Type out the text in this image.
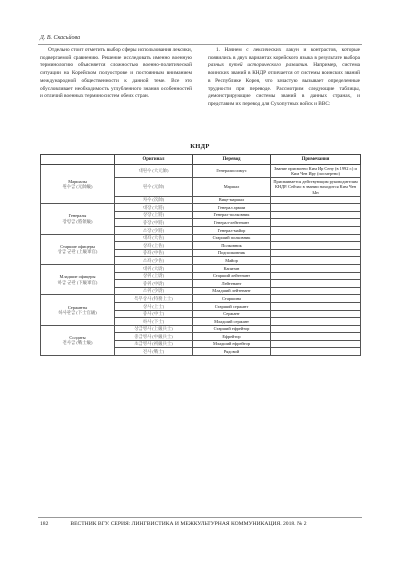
Д. В. Скасьйова

Отдельно стоит отметить выбор сферы использования лексики, подвергаемой сравнению. Решение исследовать именно военную терминологию объясняется сложностью военно-политической ситуации на Корейском полуострове и постоянным вниманием международной общественности к данной теме. Все это обусловливает необходимость углубленного знания особенностей и отличий военных терминосистем обеих стран.

1. Начнем с лексических лакун и контрастов, которые появились в двух вариантах корейского языка в результате выбора разных путей исторического развития. Например, система воинских званий в КНДР отличается от системы воинских званий в Республике Корея, что зачастую вызывает определенные трудности при переводе. Рассмотрим следующие таблицы, демонстрирующие системы званий в данных странах, и представим их перевод для Сухопутных войск и ВВС:

КНДР
	Оригинал	Перевод	Примечания

Маршалы
원수급 (元帥級)	대원수 (大元帥)	Генералиссимус	Звание присвоено Ким Ир Сену (в 1992 г.) и Ким Чен Иру (посмертно)
	원수 (元帥)	Маршал	Присваивается действующим руководителям КНДР. Сейчас в звании находится Ким Чен Ын
	차수 (次帥)	Вице-маршал	

Генералы
장령급 (將領級)	대장 (大將)	Генерал армии	
	상장 (上將)	Генерал-полковник	
	중장 (中將)	Генерал-лейтенант	
	소장 (少將)	Генерал-майор	

Старшие офицеры
상급 군관 (上級軍官)	대좌 (大佐)	Старший полковник	
	상좌 (上佐)	Полковник	
	중좌 (中佐)	Подполковник	
	소좌 (少佐)	Майор	

Младшие офицеры
하급 군관 (下級軍官)	대위 (大尉)	Капитан	
	상위 (上尉)	Старший лейтенант	
	중위 (中尉)	Лейтенант	
	소위 (少尉)	Младший лейтенант	

Сержанты
하사관급 (下士官級)	특무상사 (特務上士)	Старшина	
	상사 (上士)	Старший сержант	
	중사 (中士)	Сержант	
	하사 (下士)	Младший сержант	

Солдаты
전사급 (戰士級)	상급병사 (上級兵士)	Старший ефрейтор	
	중급병사 (中級兵士)	Ефрейтор	
	초급병사 (初級兵士)	Младший ефрейтор	
	전사 (戰士)	Рядовой	
182	ВЕСТНИК ВГУ. СЕРИЯ: ЛИНГВИСТИКА И МЕЖКУЛЬТУРНАЯ КОММУНИКАЦИЯ. 2018. № 2
